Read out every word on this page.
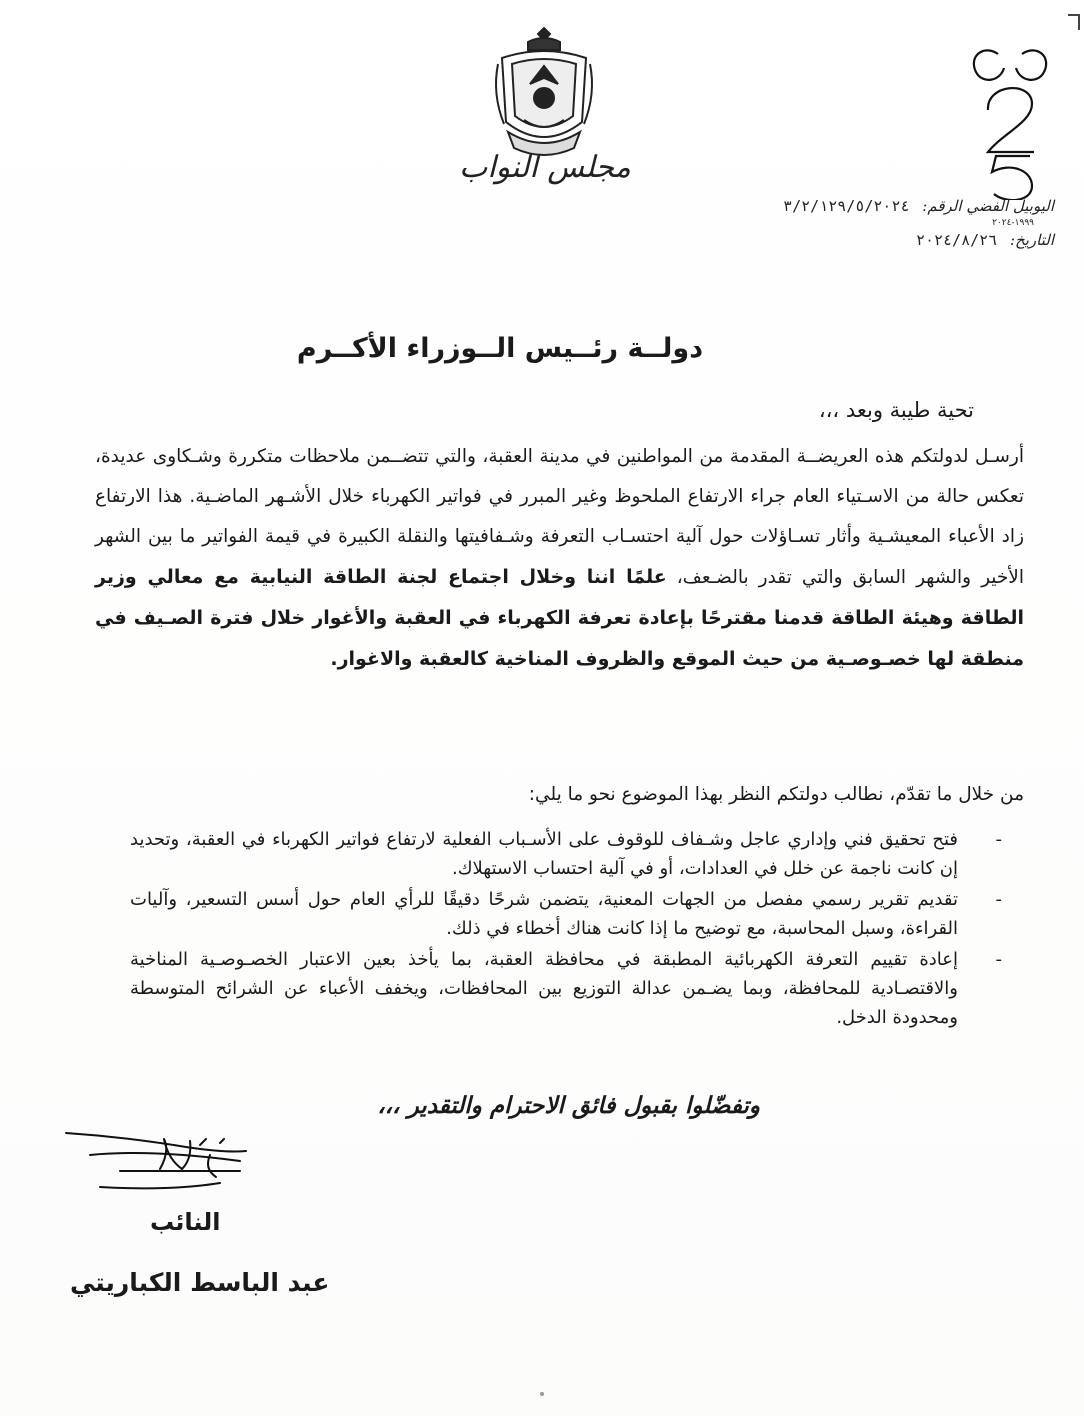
مجلس النواب
25
اليوبيل الفضي الرقم: ٣/٢/١٢٩/٥/٢٠٢٤
١٩٩٩-٢٠٢٤
التاريخ: ٢٠٢٤/٨/٢٦
دولــة رئــيس الــوزراء الأكــرم
تحية طيبة وبعد ،،،
أرسـل لدولتكم هذه العريضــة المقدمة من المواطنين في مدينة العقبة، والتي تتضــمن ملاحظات متكررة وشـكاوى عديدة، تعكس حالة من الاسـتياء العام جراء الارتفاع الملحوظ وغير المبرر في فواتير الكهرباء خلال الأشـهر الماضـية. هذا الارتفاع زاد الأعباء المعيشـية وأثار تسـاؤلات حول آلية احتسـاب التعرفة وشـفافيتها والنقلة الكبيرة في قيمة الفواتير ما بين الشهر الأخير والشهر السابق والتي تقدر بالضـعف، علمًا اننا وخلال اجتماع لجنة الطاقة النيابية مع معالي وزير الطاقة وهيئة الطاقة قدمنا مقترحًا بإعادة تعرفة الكهرباء في العقبة والأغوار خلال فترة الصـيف في منطقة لها خصـوصـية من حيث الموقع والظروف المناخية كالعقبة والاغوار.
من خلال ما تقدّم، نطالب دولتكم النظر بهذا الموضوع نحو ما يلي:
-
فتح تحقيق فني وإداري عاجل وشـفاف للوقوف على الأسـباب الفعلية لارتفاع فواتير الكهرباء في العقبة، وتحديد إن كانت ناجمة عن خلل في العدادات، أو في آلية احتساب الاستهلاك.
-
تقديم تقرير رسمي مفصل من الجهات المعنية، يتضمن شرحًا دقيقًا للرأي العام حول أسس التسعير، وآليات القراءة، وسبل المحاسبة، مع توضيح ما إذا كانت هناك أخطاء في ذلك.
-
إعادة تقييم التعرفة الكهربائية المطبقة في محافظة العقبة، بما يأخذ بعين الاعتبار الخصـوصـية المناخية والاقتصـادية للمحافظة، وبما يضـمن عدالة التوزيع بين المحافظات، ويخفف الأعباء عن الشرائح المتوسطة ومحدودة الدخل.
وتفضّلوا بقبول فائق الاحترام والتقدير ،،،
النائب
عبد الباسط الكباريتي
